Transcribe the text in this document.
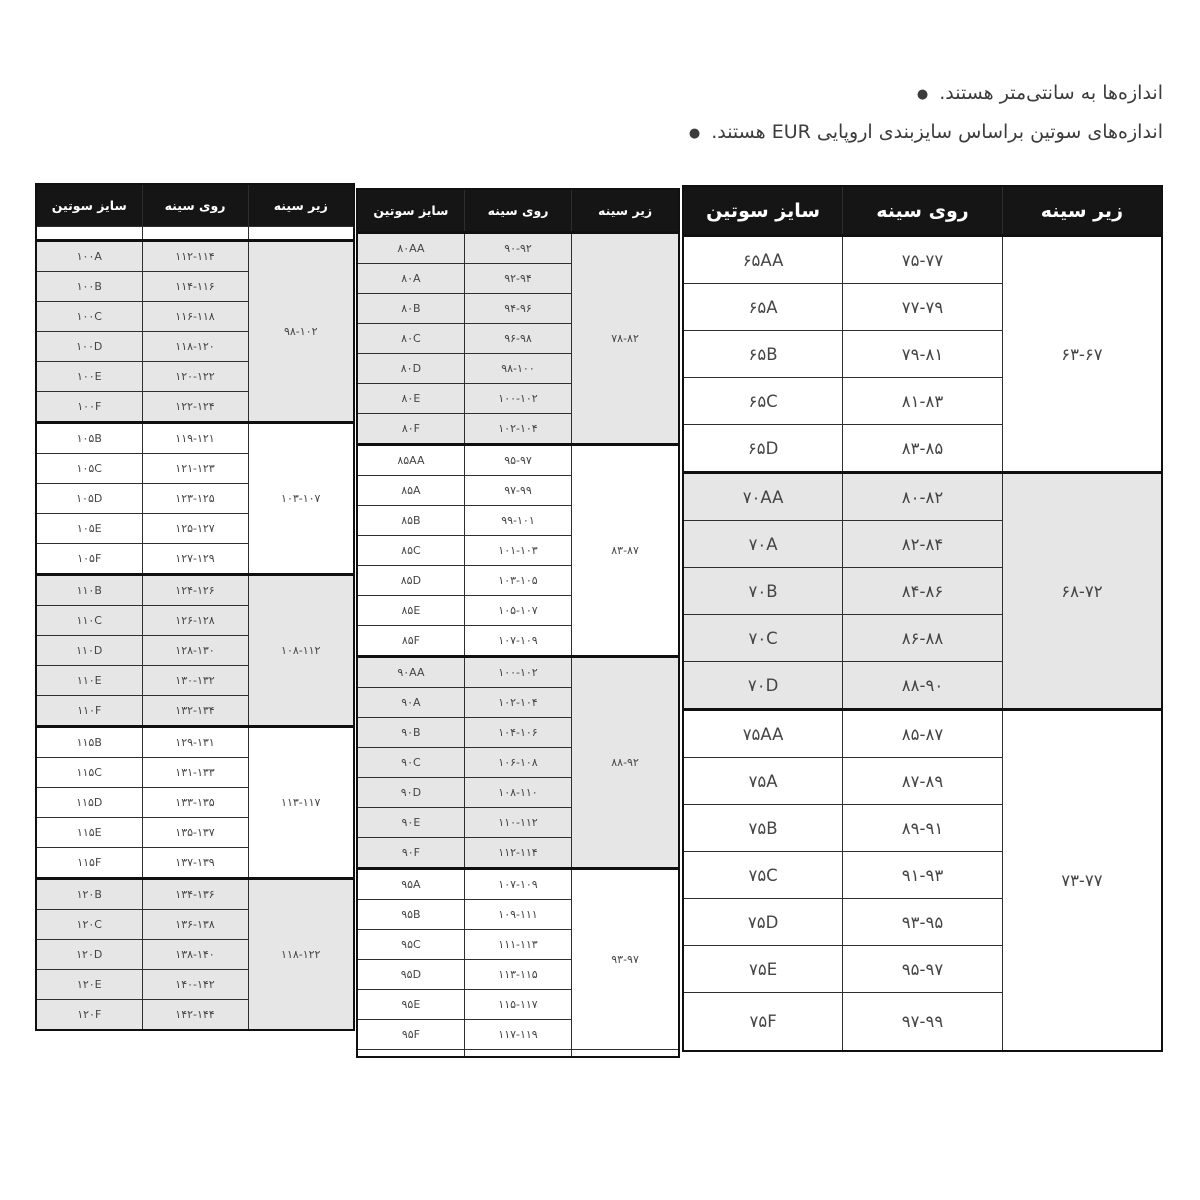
● اندازه‌ها به سانتی‌متر هستند.
● اندازه‌های سوتین براساس سایزبندی اروپایی EUR هستند.
سایز سوتین	روی سینه	زیر سینه

۱۰۰A	۱۱۲-۱۱۴	۹۸-۱۰۲
۱۰۰B	۱۱۴-۱۱۶	
۱۰۰C	۱۱۶-۱۱۸	
۱۰۰D	۱۱۸-۱۲۰	
۱۰۰E	۱۲۰-۱۲۲	
۱۰۰F	۱۲۲-۱۲۴	
۱۰۵B	۱۱۹-۱۲۱	۱۰۳-۱۰۷
۱۰۵C	۱۲۱-۱۲۳	
۱۰۵D	۱۲۳-۱۲۵	
۱۰۵E	۱۲۵-۱۲۷	
۱۰۵F	۱۲۷-۱۲۹	
۱۱۰B	۱۲۴-۱۲۶	۱۰۸-۱۱۲
۱۱۰C	۱۲۶-۱۲۸	
۱۱۰D	۱۲۸-۱۳۰	
۱۱۰E	۱۳۰-۱۳۲	
۱۱۰F	۱۳۲-۱۳۴	
۱۱۵B	۱۲۹-۱۳۱	۱۱۳-۱۱۷
۱۱۵C	۱۳۱-۱۳۳	
۱۱۵D	۱۳۳-۱۳۵	
۱۱۵E	۱۳۵-۱۳۷	
۱۱۵F	۱۳۷-۱۳۹	
۱۲۰B	۱۳۴-۱۳۶	۱۱۸-۱۲۲
۱۲۰C	۱۳۶-۱۳۸	
۱۲۰D	۱۳۸-۱۴۰	
۱۲۰E	۱۴۰-۱۴۲	
۱۲۰F	۱۴۲-۱۴۴	
سایز سوتین	روی سینه	زیر سینه
۸۰AA	۹۰-۹۲	۷۸-۸۲
۸۰A	۹۲-۹۴	
۸۰B	۹۴-۹۶	
۸۰C	۹۶-۹۸	
۸۰D	۹۸-۱۰۰	
۸۰E	۱۰۰-۱۰۲	
۸۰F	۱۰۲-۱۰۴	
۸۵AA	۹۵-۹۷	۸۳-۸۷
۸۵A	۹۷-۹۹	
۸۵B	۹۹-۱۰۱	
۸۵C	۱۰۱-۱۰۳	
۸۵D	۱۰۳-۱۰۵	
۸۵E	۱۰۵-۱۰۷	
۸۵F	۱۰۷-۱۰۹	
۹۰AA	۱۰۰-۱۰۲	۸۸-۹۲
۹۰A	۱۰۲-۱۰۴	
۹۰B	۱۰۴-۱۰۶	
۹۰C	۱۰۶-۱۰۸	
۹۰D	۱۰۸-۱۱۰	
۹۰E	۱۱۰-۱۱۲	
۹۰F	۱۱۲-۱۱۴	
۹۵A	۱۰۷-۱۰۹	۹۳-۹۷
۹۵B	۱۰۹-۱۱۱	
۹۵C	۱۱۱-۱۱۳	
۹۵D	۱۱۳-۱۱۵	
۹۵E	۱۱۵-۱۱۷	
۹۵F	۱۱۷-۱۱۹	

سایز سوتین	روی سینه	زیر سینه
۶۵AA	۷۵-۷۷	۶۳-۶۷
۶۵A	۷۷-۷۹	
۶۵B	۷۹-۸۱	
۶۵C	۸۱-۸۳	
۶۵D	۸۳-۸۵	
۷۰AA	۸۰-۸۲	۶۸-۷۲
۷۰A	۸۲-۸۴	
۷۰B	۸۴-۸۶	
۷۰C	۸۶-۸۸	
۷۰D	۸۸-۹۰	
۷۵AA	۸۵-۸۷	۷۳-۷۷
۷۵A	۸۷-۸۹	
۷۵B	۸۹-۹۱	
۷۵C	۹۱-۹۳	
۷۵D	۹۳-۹۵	
۷۵E	۹۵-۹۷	
۷۵F	۹۷-۹۹	
